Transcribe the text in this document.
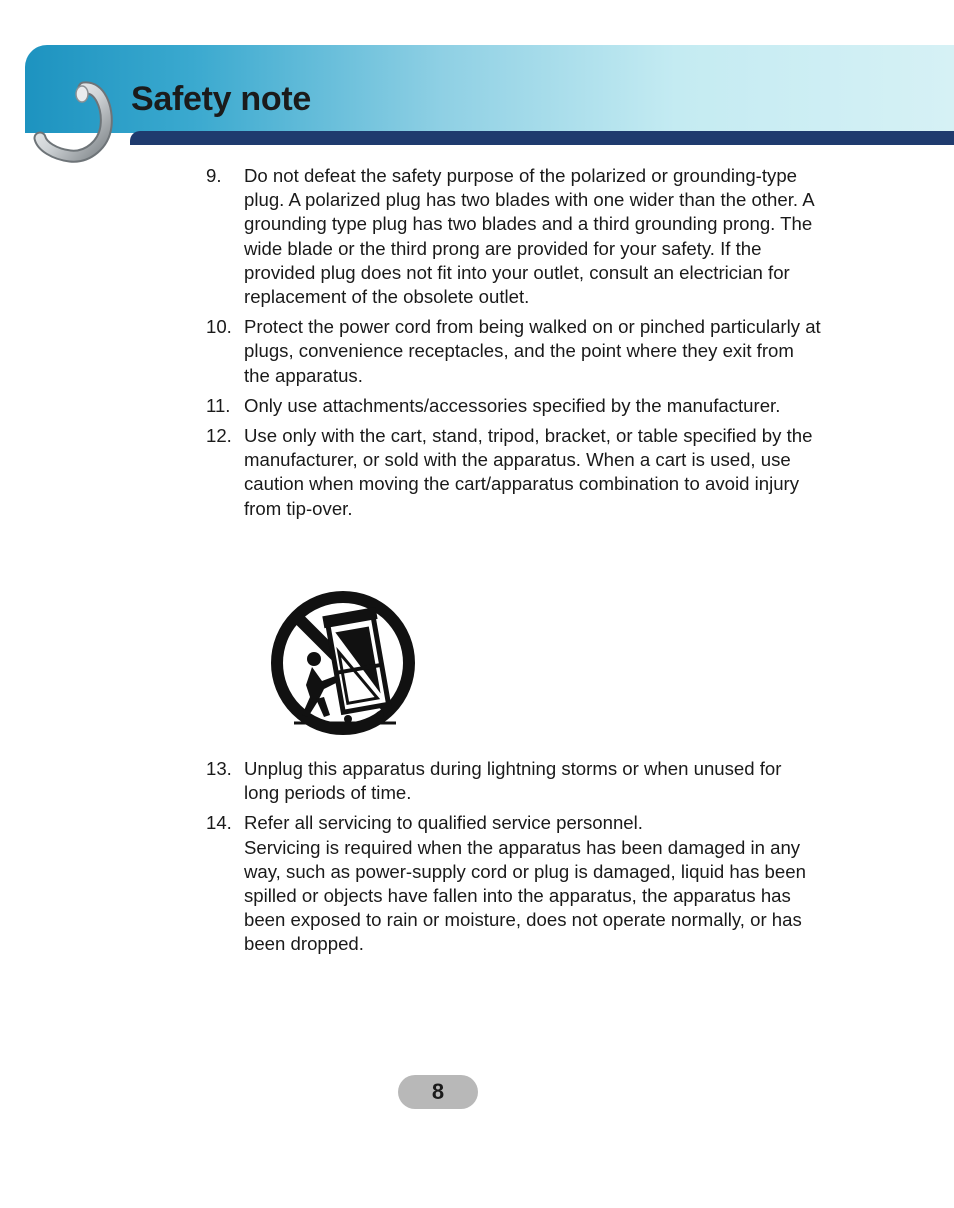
Safety note
9. Do not defeat the safety purpose of the polarized or grounding-type plug. A polarized plug has two blades with one wider than the other. A grounding type plug has two blades and a third grounding prong. The wide blade or the third prong are provided for your safety. If the provided plug does not fit into your outlet, consult an electrician for replacement of the obsolete outlet.
10. Protect the power cord from being walked on or pinched particularly at plugs, convenience receptacles, and the point where they exit from the apparatus.
11. Only use attachments/accessories specified by the manufacturer.
12. Use only with the cart, stand, tripod, bracket, or table specified by the manufacturer, or sold with the apparatus. When a cart is used, use caution when moving the cart/apparatus combination to avoid injury from tip-over.
13. Unplug this apparatus during lightning storms or when unused for long periods of time.
14. Refer all servicing to qualified service personnel.
Servicing is required when the apparatus has been damaged in any way, such as power-supply cord or plug is damaged, liquid has been spilled or objects have fallen into the apparatus, the apparatus has been exposed to rain or moisture, does not operate normally, or has been dropped.
8
